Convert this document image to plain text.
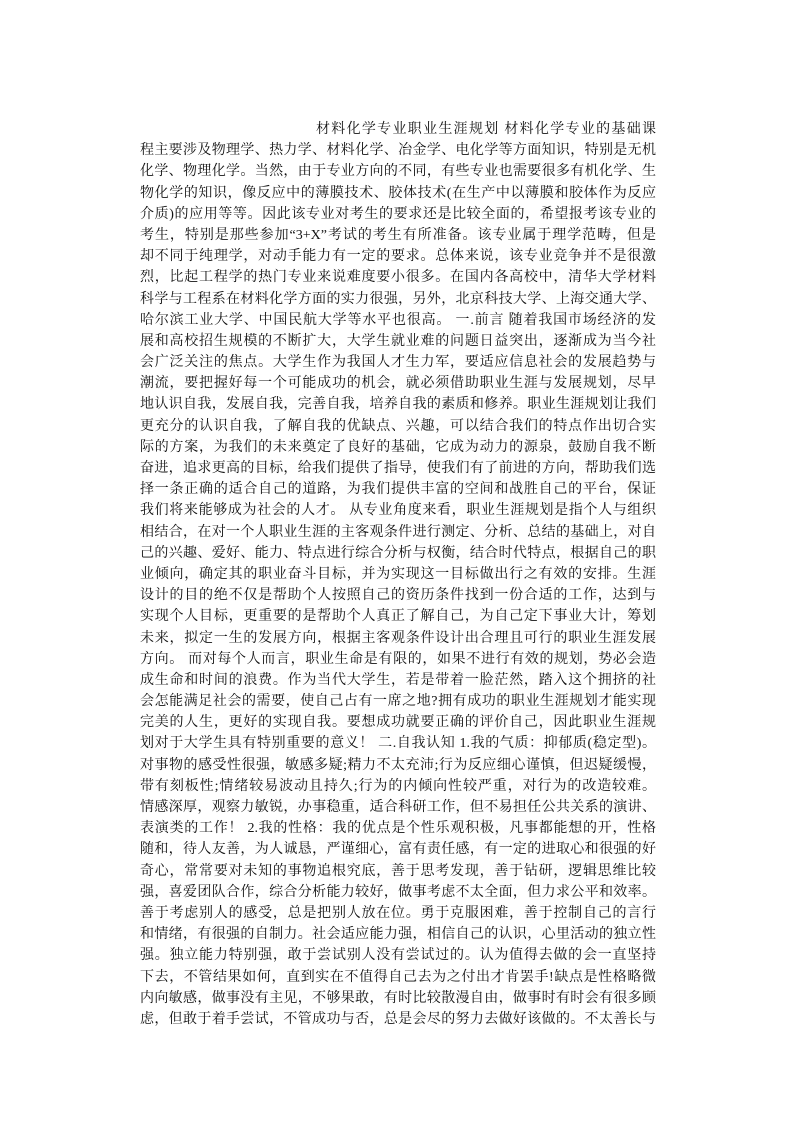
材料化学专业职业生涯规划 材料化学专业的基础课
程主要涉及物理学、热力学、材料化学、冶金学、电化学等方面知识，特别是无机
化学、物理化学。当然，由于专业方向的不同，有些专业也需要很多有机化学、生
物化学的知识，像反应中的薄膜技术、胶体技术(在生产中以薄膜和胶体作为反应
介质)的应用等等。因此该专业对考生的要求还是比较全面的，希望报考该专业的
考生，特别是那些参加“3+X”考试的考生有所准备。该专业属于理学范畴，但是
却不同于纯理学，对动手能力有一定的要求。总体来说，该专业竞争并不是很激
烈，比起工程学的热门专业来说难度要小很多。在国内各高校中，清华大学材料
科学与工程系在材料化学方面的实力很强，另外，北京科技大学、上海交通大学、
哈尔滨工业大学、中国民航大学等水平也很高。 一.前言 随着我国市场经济的发
展和高校招生规模的不断扩大，大学生就业难的问题日益突出，逐渐成为当今社
会广泛关注的焦点。大学生作为我国人才生力军，要适应信息社会的发展趋势与
潮流，要把握好每一个可能成功的机会，就必须借助职业生涯与发展规划，尽早
地认识自我，发展自我，完善自我，培养自我的素质和修养。职业生涯规划让我们
更充分的认识自我，了解自我的优缺点、兴趣，可以结合我们的特点作出切合实
际的方案，为我们的未来奠定了良好的基础，它成为动力的源泉，鼓励自我不断
奋进，追求更高的目标，给我们提供了指导，使我们有了前进的方向，帮助我们选
择一条正确的适合自己的道路，为我们提供丰富的空间和战胜自己的平台，保证
我们将来能够成为社会的人才。 从专业角度来看，职业生涯规划是指个人与组织
相结合，在对一个人职业生涯的主客观条件进行测定、分析、总结的基础上，对自
己的兴趣、爱好、能力、特点进行综合分析与权衡，结合时代特点，根据自己的职
业倾向，确定其的职业奋斗目标，并为实现这一目标做出行之有效的安排。生涯
设计的目的绝不仅是帮助个人按照自己的资历条件找到一份合适的工作，达到与
实现个人目标，更重要的是帮助个人真正了解自己，为自己定下事业大计，筹划
未来，拟定一生的发展方向，根据主客观条件设计出合理且可行的职业生涯发展
方向。 而对每个人而言，职业生命是有限的，如果不进行有效的规划，势必会造
成生命和时间的浪费。作为当代大学生，若是带着一脸茫然，踏入这个拥挤的社
会怎能满足社会的需要，使自己占有一席之地?拥有成功的职业生涯规划才能实现
完美的人生，更好的实现自我。要想成功就要正确的评价自己，因此职业生涯规
划对于大学生具有特别重要的意义！ 二.自我认知 1.我的气质：抑郁质(稳定型)。
对事物的感受性很强，敏感多疑;精力不太充沛;行为反应细心谨慎，但迟疑缓慢，
带有刻板性;情绪较易波动且持久;行为的内倾向性较严重，对行为的改造较难。
情感深厚，观察力敏锐，办事稳重，适合科研工作，但不易担任公共关系的演讲、
表演类的工作！ 2.我的性格：我的优点是个性乐观积极，凡事都能想的开，性格
随和，待人友善，为人诚恳，严谨细心，富有责任感，有一定的进取心和很强的好
奇心，常常要对未知的事物追根究底，善于思考发现，善于钻研，逻辑思维比较
强，喜爱团队合作，综合分析能力较好，做事考虑不太全面，但力求公平和效率。
善于考虑别人的感受，总是把别人放在位。勇于克服困难，善于控制自己的言行
和情绪，有很强的自制力。社会适应能力强，相信自己的认识，心里活动的独立性
强。独立能力特别强，敢于尝试别人没有尝试过的。认为值得去做的会一直坚持
下去，不管结果如何，直到实在不值得自己去为之付出才肯罢手!缺点是性格略微
内向敏感，做事没有主见，不够果敢，有时比较散漫自由，做事时有时会有很多顾
虑，但敢于着手尝试，不管成功与否，总是会尽的努力去做好该做的。不太善长与
